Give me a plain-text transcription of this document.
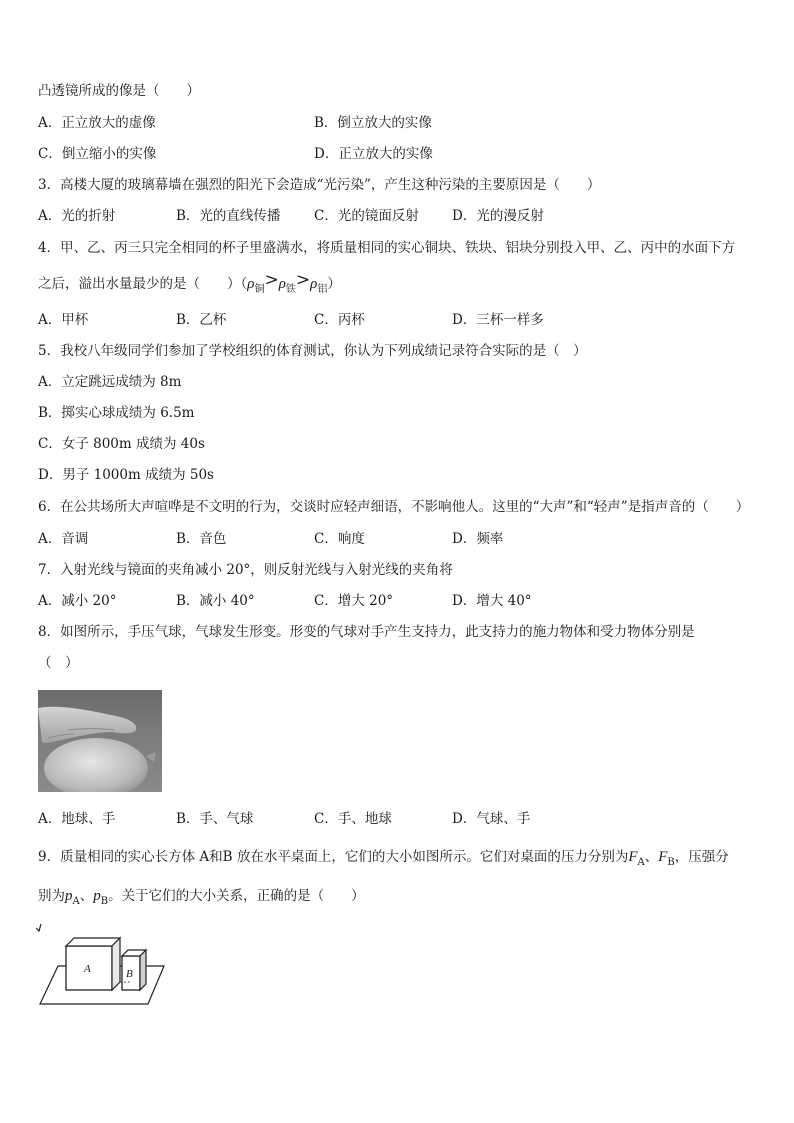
凸透镜所成的像是（　　）
A．正立放大的虚像	B．倒立放大的实像
C．倒立缩小的实像	D．正立放大的实像
3．高楼大厦的玻璃幕墙在强烈的阳光下会造成“光污染”，产生这种污染的主要原因是（　　）
A．光的折射	B．光的直线传播 C．光的镜面反射 D．光的漫反射
4．甲、乙、丙三只完全相同的杯子里盛满水，将质量相同的实心铜块、铁块、铝块分别投入甲、乙、丙中的水面下方
之后，溢出水量最少的是（　　）$(\rho_铜>\rho_铁>\rho_铝)$
A．甲杯	B．乙杯	C．丙杯	D．三杯一样多
5．我校八年级同学们参加了学校组织的体育测试，你认为下列成绩记录符合实际的是（　）
A．立定跳远成绩为 8m
B．掷实心球成绩为 6.5m
C．女子 800m 成绩为 40s
D．男子 1000m 成绩为 50s
6．在公共场所大声喧哗是不文明的行为，交谈时应轻声细语，不影响他人。这里的“大声”和“轻声”是指声音的（　　）
A．音调	B．音色	C．响度	D．频率
7．入射光线与镜面的夹角减小 20°，则反射光线与入射光线的夹角将
A．减小 20°	B．减小 40°	C．增大 20°	D．增大 40°
8．如图所示，手压气球，气球发生形变。形变的气球对手产生支持力，此支持力的施力物体和受力物体分别是
（　）
A．地球、手	B．手、气球	C．手、地球	D．气球、手
9．质量相同的实心长方体 A和B 放在水平桌面上，它们的大小如图所示。它们对桌面的压力分别为$F_A$、$F_B$，压强分
别为$p_A$、$p_B$。关于它们的大小关系，正确的是（　　）
A	B
